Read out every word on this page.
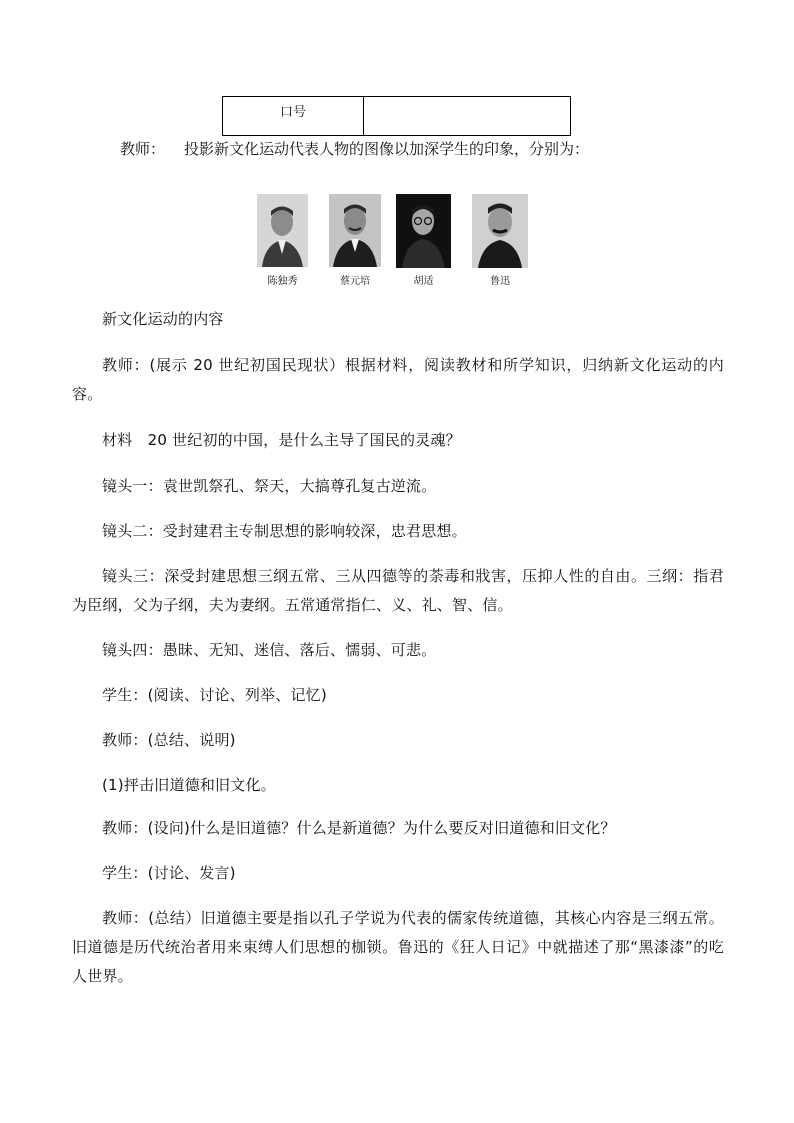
口号	
教师： 投影新文化运动代表人物的图像以加深学生的印象，分别为：
陈独秀	蔡元培	胡适	鲁迅
新文化运动的内容
教师：(展示 20 世纪初国民现状）根据材料，阅读教材和所学知识，归纳新文化运动的内容。
材料　20 世纪初的中国，是什么主导了国民的灵魂？
镜头一：袁世凯祭孔、祭天，大搞尊孔复古逆流。
镜头二：受封建君主专制思想的影响较深，忠君思想。
镜头三：深受封建思想三纲五常、三从四德等的荼毒和戕害，压抑人性的自由。三纲：指君为臣纲，父为子纲，夫为妻纲。五常通常指仁、义、礼、智、信。
镜头四：愚昧、无知、迷信、落后、懦弱、可悲。
学生：(阅读、讨论、列举、记忆)
教师：(总结、说明)
(1)抨击旧道德和旧文化。
教师：(设问)什么是旧道德？什么是新道德？为什么要反对旧道德和旧文化？
学生：(讨论、发言)
教师：(总结）旧道德主要是指以孔子学说为代表的儒家传统道德，其核心内容是三纲五常。旧道德是历代统治者用来束缚人们思想的枷锁。鲁迅的《狂人日记》中就描述了那“黑漆漆”的吃人世界。
